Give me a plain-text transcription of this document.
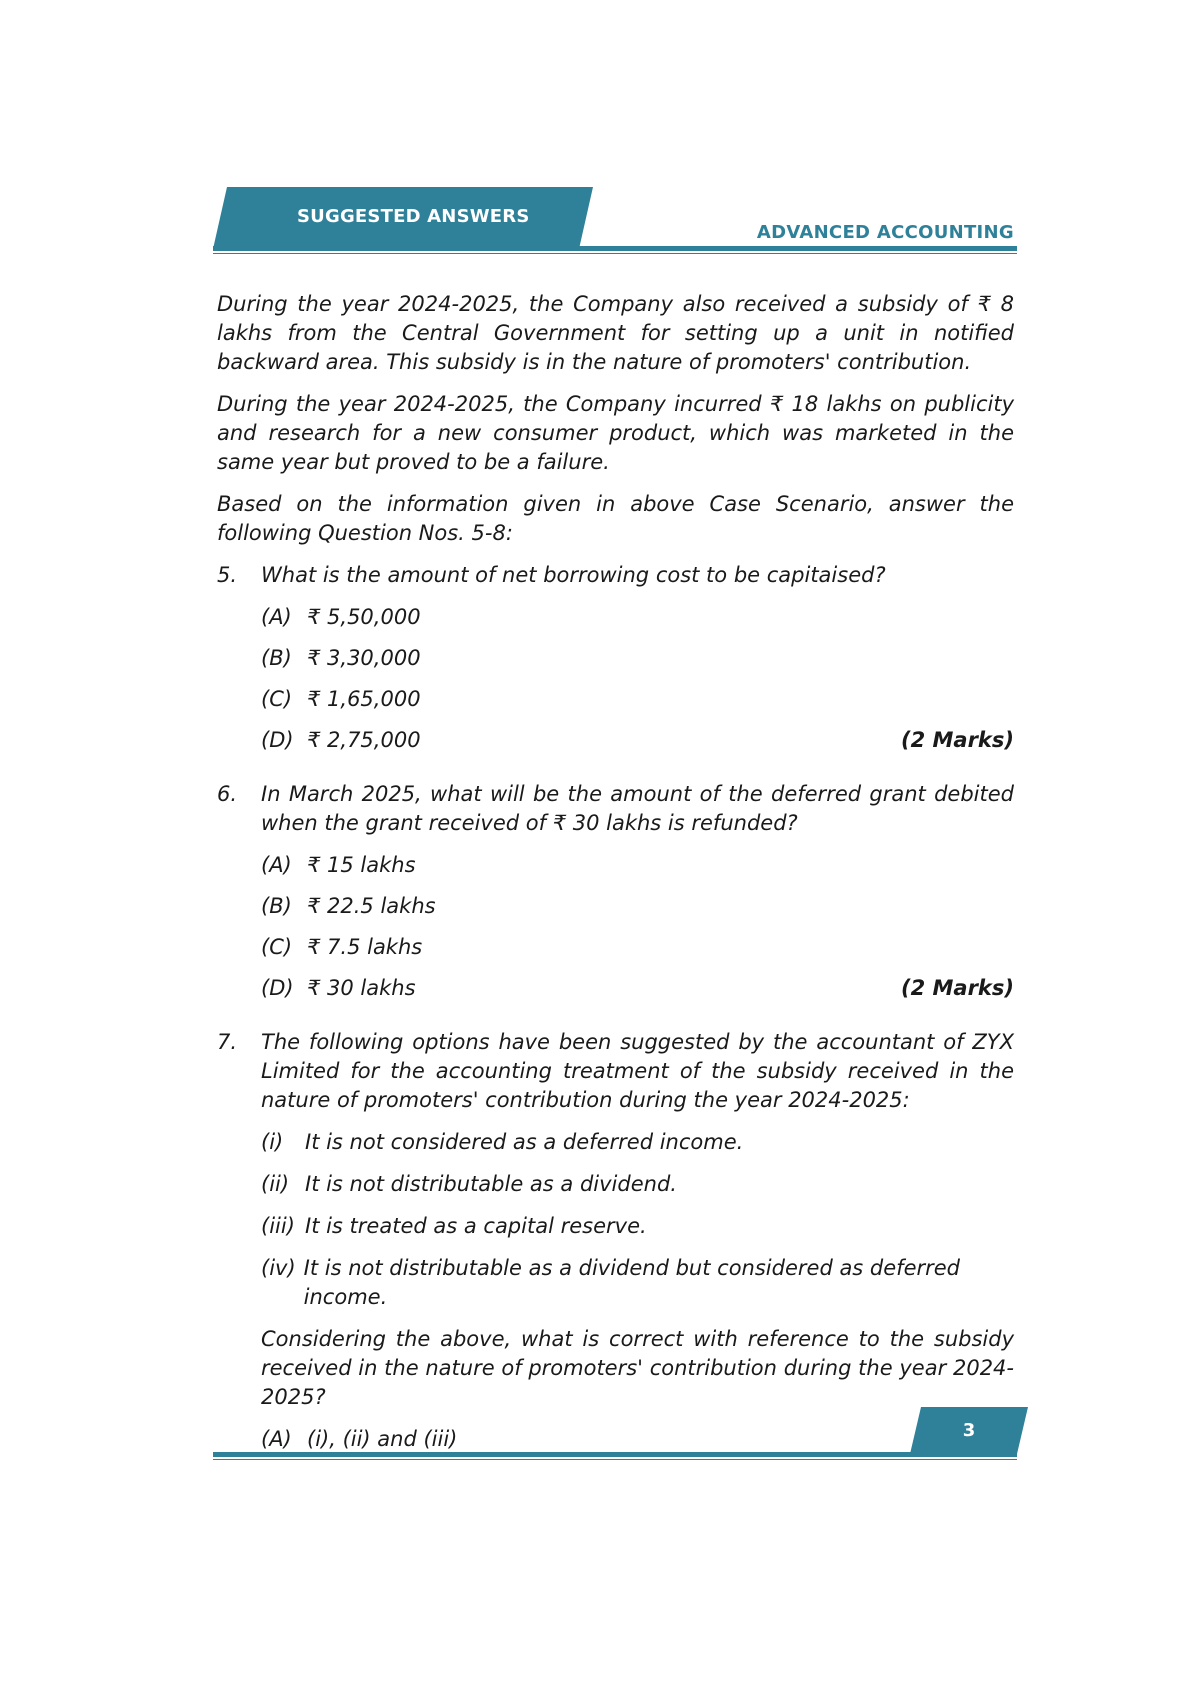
SUGGESTED ANSWERS
ADVANCED ACCOUNTING

During the year 2024-2025, the Company also received a subsidy of ₹ 8 lakhs from the Central Government for setting up a unit in notified backward area. This subsidy is in the nature of promoters' contribution.

During the year 2024-2025, the Company incurred ₹ 18 lakhs on publicity and research for a new consumer product, which was marketed in the same year but proved to be a failure.

Based on the information given in above Case Scenario, answer the following Question Nos. 5-8:

5.	What is the amount of net borrowing cost to be capitaised?
(A) ₹ 5,50,000
(B) ₹ 3,30,000
(C) ₹ 1,65,000
(D) ₹ 2,75,000	(2 Marks)
6.	In March 2025, what will be the amount of the deferred grant debited when the grant received of ₹ 30 lakhs is refunded?
(A) ₹ 15 lakhs
(B) ₹ 22.5 lakhs
(C) ₹ 7.5 lakhs
(D) ₹ 30 lakhs	(2 Marks)
7.	The following options have been suggested by the accountant of ZYX Limited for the accounting treatment of the subsidy received in the nature of promoters' contribution during the year 2024-2025:
(i)	It is not considered as a deferred income.
(ii) It is not distributable as a dividend.
(iii) It is treated as a capital reserve.
(iv) It is not distributable as a dividend but considered as deferred income.
Considering the above, what is correct with reference to the subsidy received in the nature of promoters' contribution during the year 2024-2025?
(A) (i), (ii) and (iii)	3
